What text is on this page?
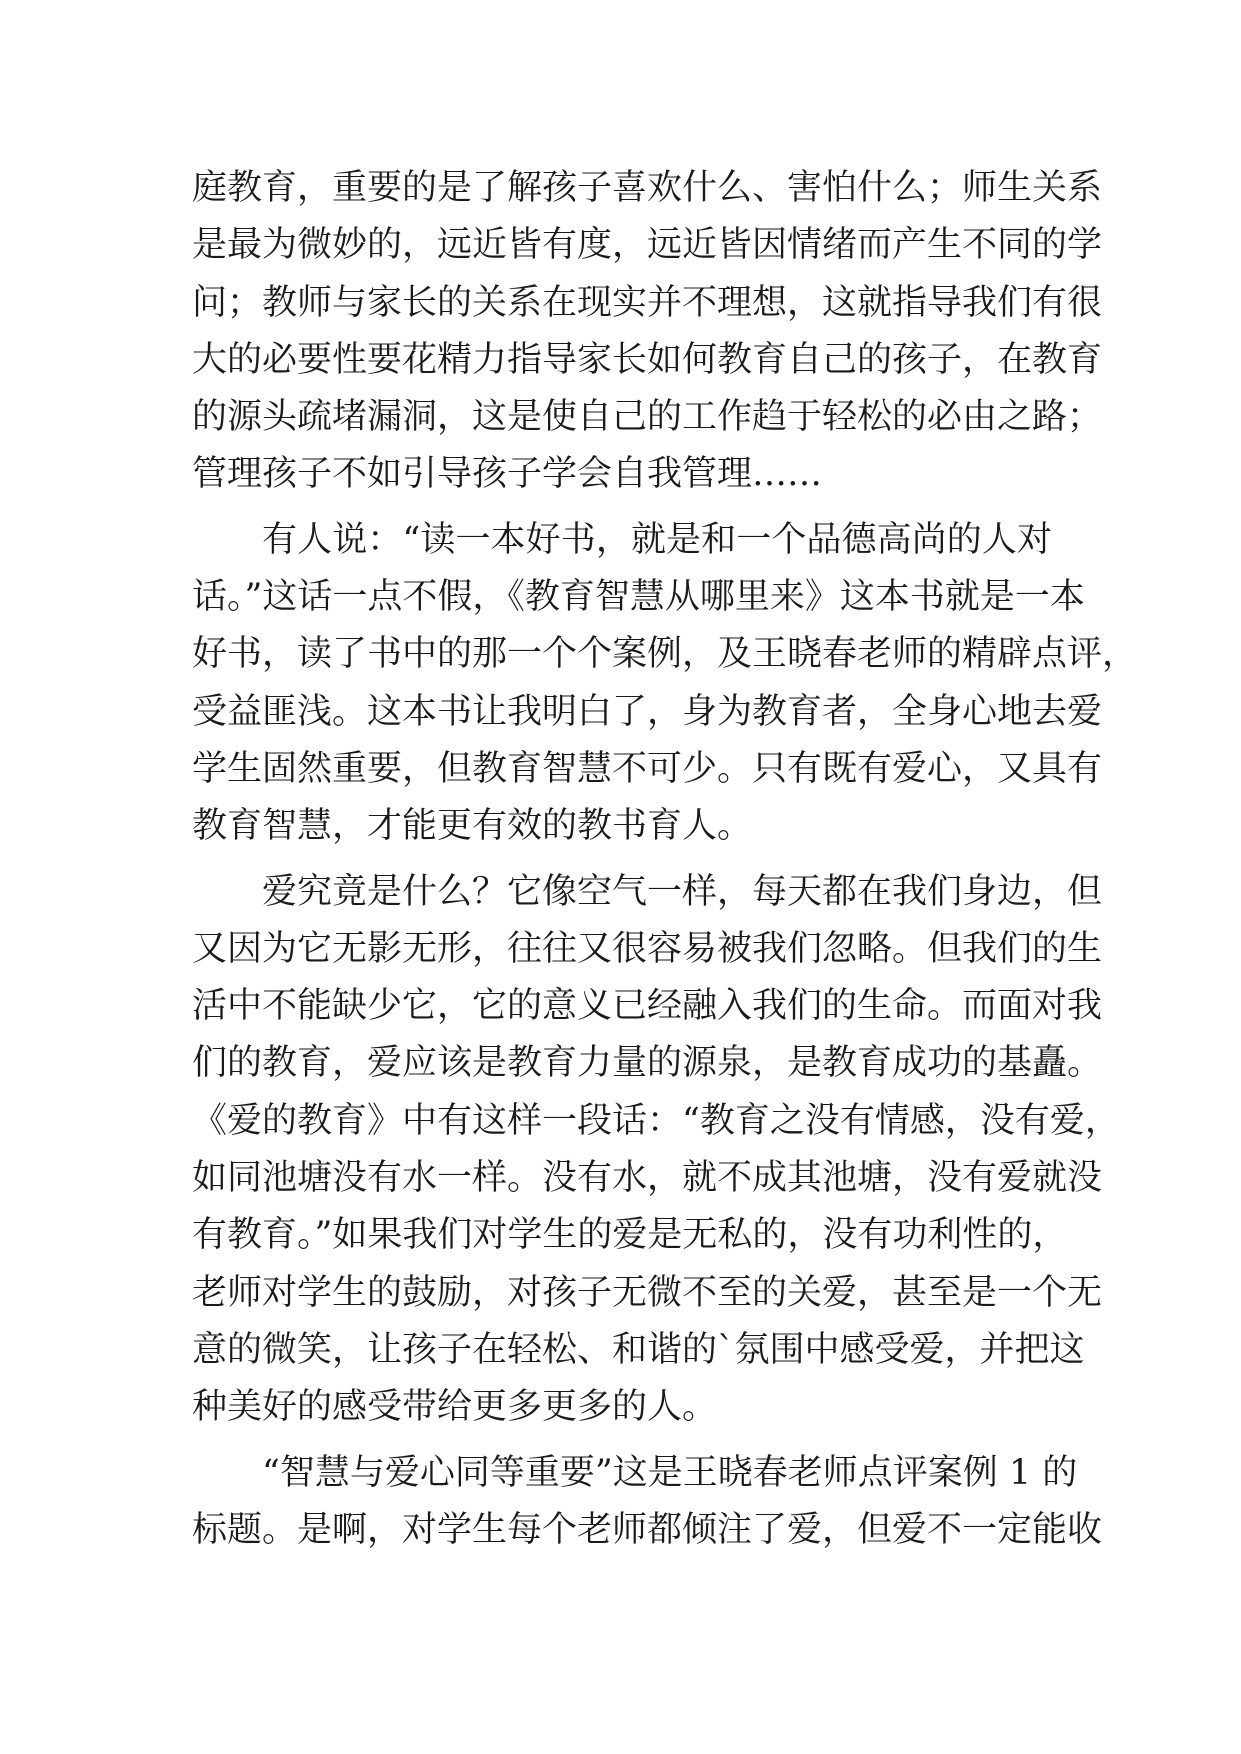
庭教育，重要的是了解孩子喜欢什么、害怕什么；师生关系
是最为微妙的，远近皆有度，远近皆因情绪而产生不同的学
问；教师与家长的关系在现实并不理想，这就指导我们有很
大的必要性要花精力指导家长如何教育自己的孩子，在教育
的源头疏堵漏洞，这是使自己的工作趋于轻松的必由之路；
管理孩子不如引导孩子学会自我管理……
有人说：“读一本好书，就是和一个品德高尚的人对
话。”这话一点不假，《教育智慧从哪里来》这本书就是一本
好书，读了书中的那一个个案例，及王晓春老师的精辟点评，
受益匪浅。这本书让我明白了，身为教育者，全身心地去爱
学生固然重要，但教育智慧不可少。只有既有爱心，又具有
教育智慧，才能更有效的教书育人。
爱究竟是什么？它像空气一样，每天都在我们身边，但
又因为它无影无形，往往又很容易被我们忽略。但我们的生
活中不能缺少它，它的意义已经融入我们的生命。而面对我
们的教育，爱应该是教育力量的源泉，是教育成功的基矗。
《爱的教育》中有这样一段话：“教育之没有情感，没有爱，
如同池塘没有水一样。没有水，就不成其池塘，没有爱就没
有教育。”如果我们对学生的爱是无私的，没有功利性的，
老师对学生的鼓励，对孩子无微不至的关爱，甚至是一个无
意的微笑，让孩子在轻松、和谐的`氛围中感受爱，并把这
种美好的感受带给更多更多的人。
“智慧与爱心同等重要”这是王晓春老师点评案例 1 的
标题。是啊，对学生每个老师都倾注了爱，但爱不一定能收
